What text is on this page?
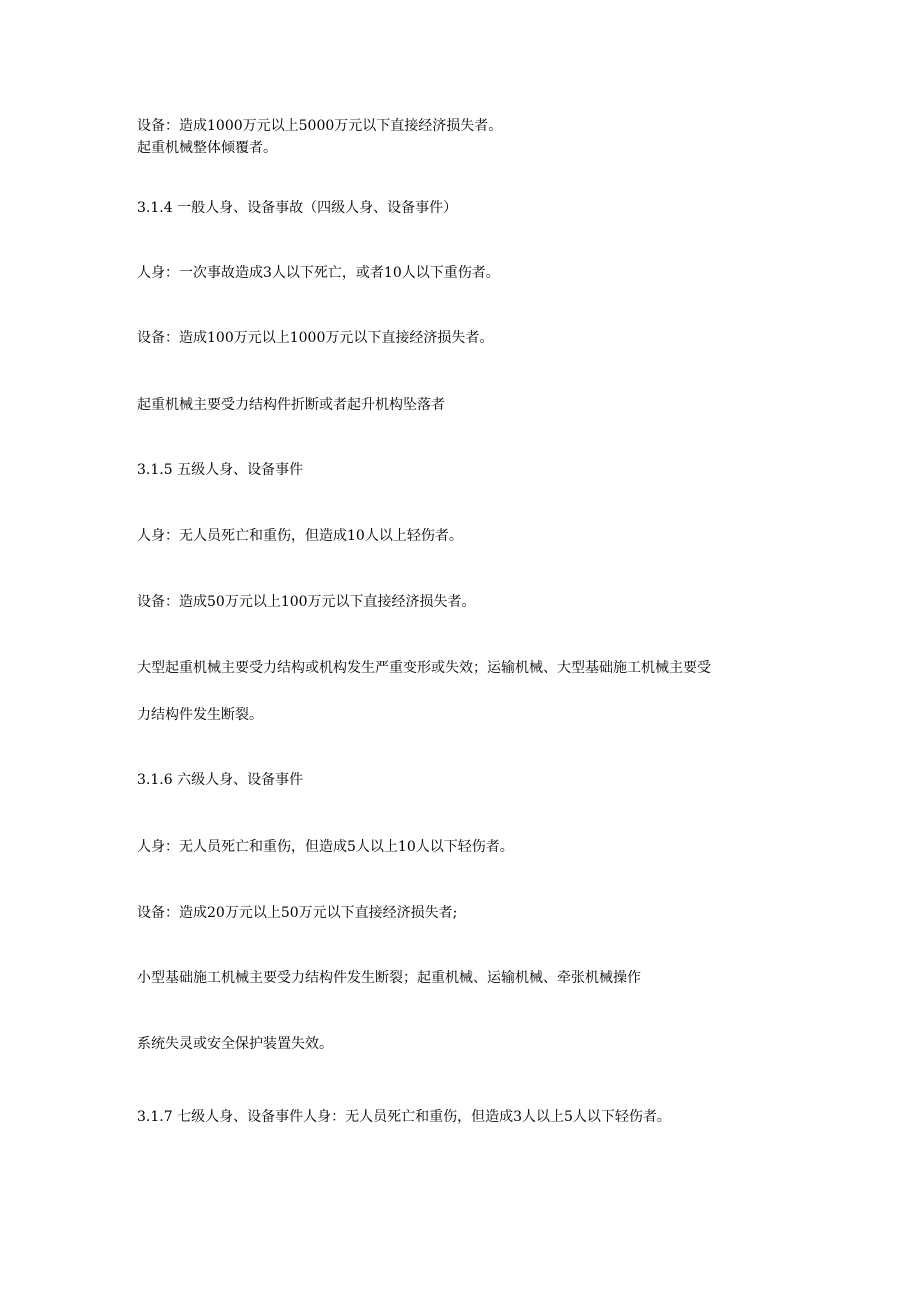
设备：造成1000万元以上5000万元以下直接经济损失者。

起重机械整体倾覆者。

3.1.4 一般人身、设备事故（四级人身、设备事件）

人身：一次事故造成3人以下死亡，或者10人以下重伤者。

设备：造成100万元以上1000万元以下直接经济损失者。

起重机械主要受力结构件折断或者起升机构坠落者

3.1.5 五级人身、设备事件

人身：无人员死亡和重伤，但造成10人以上轻伤者。

设备：造成50万元以上100万元以下直接经济损失者。

大型起重机械主要受力结构或机构发生严重变形或失效；运输机械、大型基础施工机械主要受

力结构件发生断裂。

3.1.6 六级人身、设备事件

人身：无人员死亡和重伤，但造成5人以上10人以下轻伤者。

设备：造成20万元以上50万元以下直接经济损失者;

小型基础施工机械主要受力结构件发生断裂；起重机械、运输机械、牵张机械操作

系统失灵或安全保护装置失效。

3.1.7 七级人身、设备事件人身：无人员死亡和重伤，但造成3人以上5人以下轻伤者。
